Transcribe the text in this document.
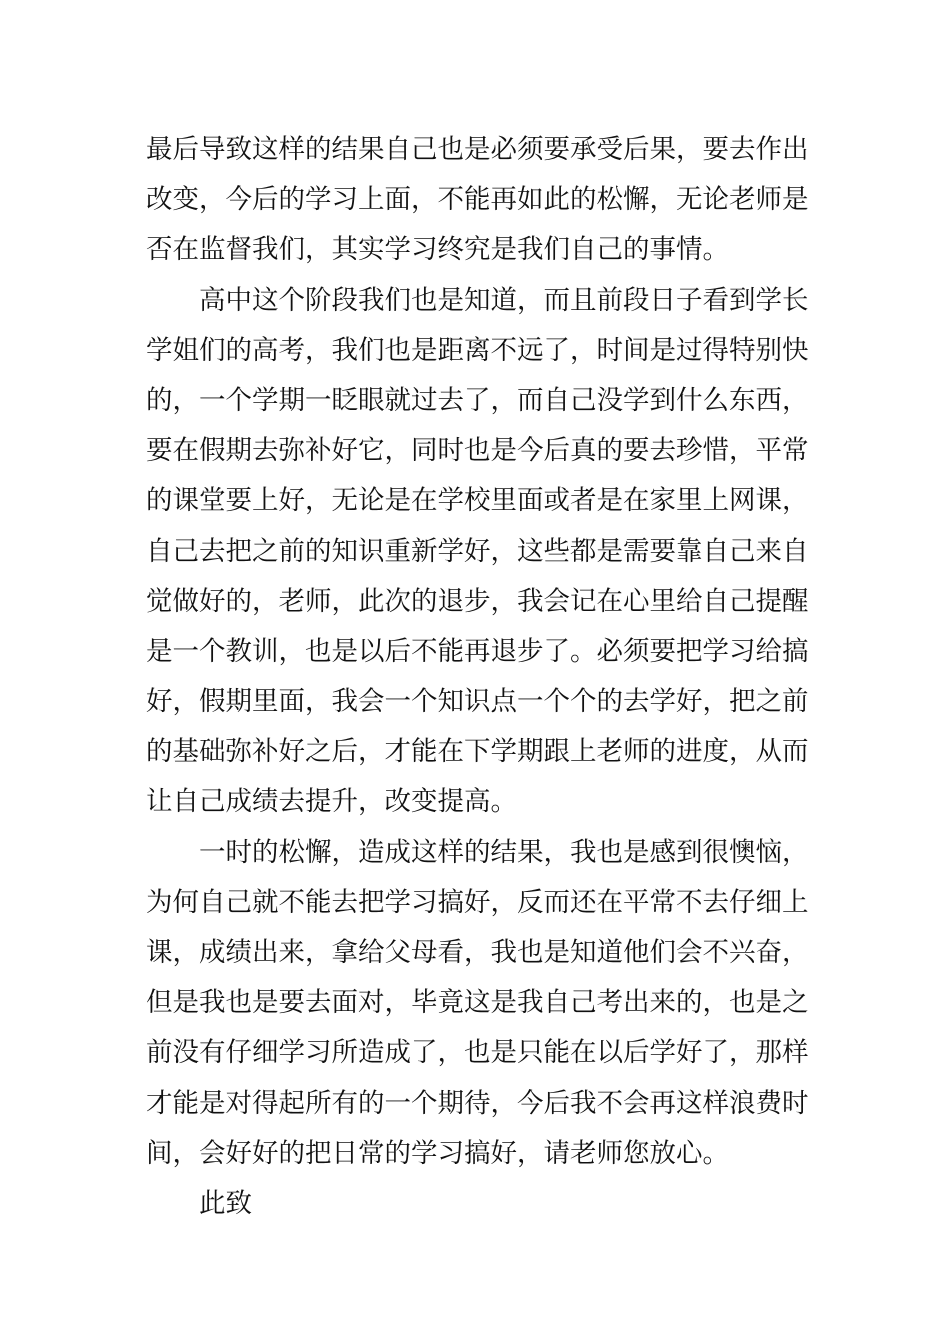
最后导致这样的结果自己也是必须要承受后果，要去作出
改变，今后的学习上面，不能再如此的松懈，无论老师是
否在监督我们，其实学习终究是我们自己的事情。
高中这个阶段我们也是知道，而且前段日子看到学长
学姐们的高考，我们也是距离不远了，时间是过得特别快
的，一个学期一眨眼就过去了，而自己没学到什么东西，
要在假期去弥补好它，同时也是今后真的要去珍惜，平常
的课堂要上好，无论是在学校里面或者是在家里上网课，
自己去把之前的知识重新学好，这些都是需要靠自己来自
觉做好的，老师，此次的退步，我会记在心里给自己提醒
是一个教训，也是以后不能再退步了。必须要把学习给搞
好，假期里面，我会一个知识点一个个的去学好，把之前
的基础弥补好之后，才能在下学期跟上老师的进度，从而
让自己成绩去提升，改变提高。
一时的松懈，造成这样的结果，我也是感到很懊恼，
为何自己就不能去把学习搞好，反而还在平常不去仔细上
课，成绩出来，拿给父母看，我也是知道他们会不兴奋，
但是我也是要去面对，毕竟这是我自己考出来的，也是之
前没有仔细学习所造成了，也是只能在以后学好了，那样
才能是对得起所有的一个期待，今后我不会再这样浪费时
间，会好好的把日常的学习搞好，请老师您放心。
此致
